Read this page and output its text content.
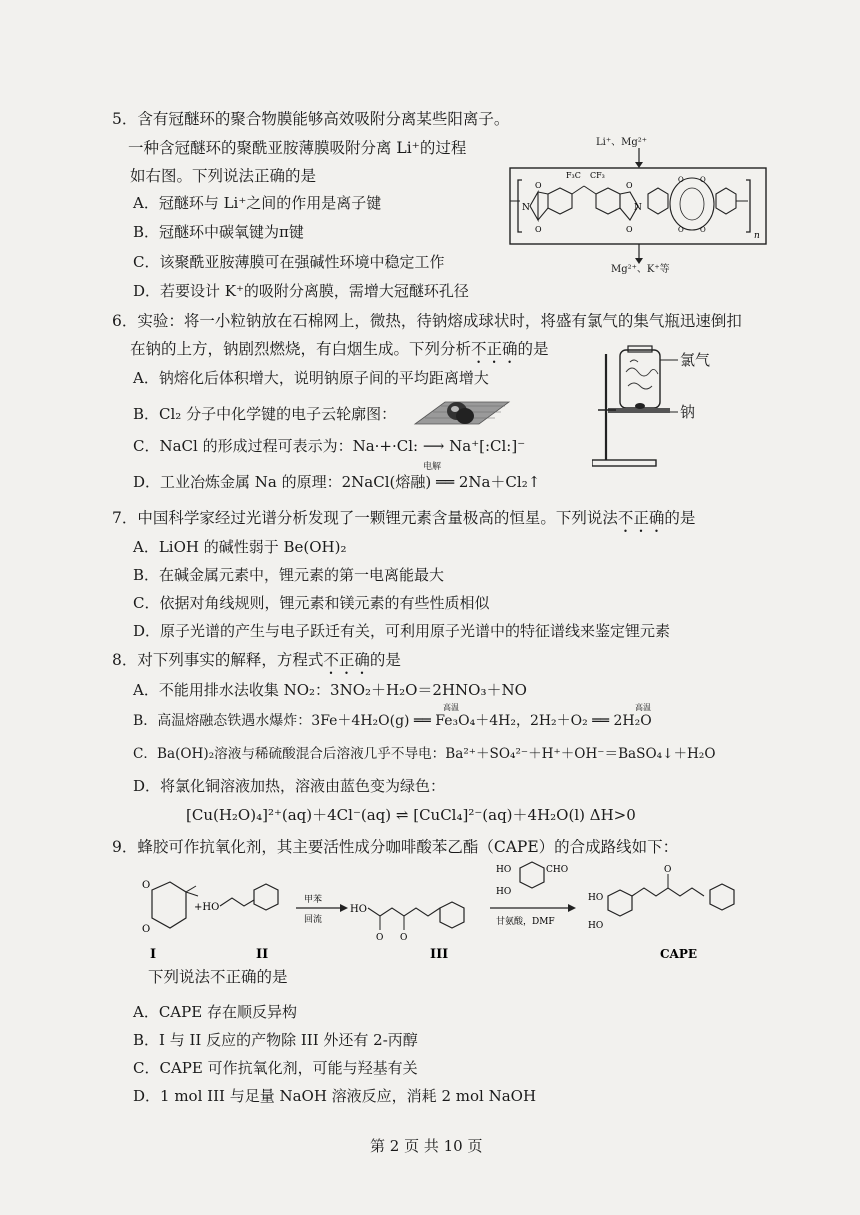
5．含有冠醚环的聚合物膜能够高效吸附分离某些阳离子。
一种含冠醚环的聚酰亚胺薄膜吸附分离 Li⁺的过程
如右图。下列说法正确的是
A．冠醚环与 Li⁺之间的作用是离子键
B．冠醚环中碳氧键为π键
C．该聚酰亚胺薄膜可在强碱性环境中稳定工作
D．若要设计 K⁺的吸附分离膜，需增大冠醚环孔径
Li⁺、Mg²⁺
Mg²⁺、K⁺等
N
O
O
F₃C CF₃
N
O
O
O O
O O
n
6．实验：将一小粒钠放在石棉网上，微热，待钠熔成球状时，将盛有氯气的集气瓶迅速倒扣
在钠的上方，钠剧烈燃烧，有白烟生成。下列分析不正确的是
A．钠熔化后体积增大，说明钠原子间的平均距离增大
B．Cl₂ 分子中化学键的电子云轮廓图：
C．NaCl 的形成过程可表示为：Na·+·Cl: ⟶ Na⁺[:Cl:]⁻
D．工业冶炼金属 Na 的原理：2NaCl(熔融) ══ 2Na＋Cl₂↑
电解
氯气
钠
7．中国科学家经过光谱分析发现了一颗锂元素含量极高的恒星。下列说法不正确的是
A．LiOH 的碱性弱于 Be(OH)₂
B．在碱金属元素中，锂元素的第一电离能最大
C．依据对角线规则，锂元素和镁元素的有些性质相似
D．原子光谱的产生与电子跃迁有关，可利用原子光谱中的特征谱线来鉴定锂元素
8．对下列事实的解释，方程式不正确的是
A．不能用排水法收集 NO₂：3NO₂＋H₂O＝2HNO₃＋NO
B．高温熔融态铁遇水爆炸：3Fe＋4H₂O(g) ══ Fe₃O₄＋4H₂，2H₂＋O₂ ══ 2H₂O
高温	高温
C．Ba(OH)₂溶液与稀硫酸混合后溶液几乎不导电：Ba²⁺＋SO₄²⁻＋H⁺＋OH⁻＝BaSO₄↓＋H₂O
D．将氯化铜溶液加热，溶液由蓝色变为绿色：
[Cu(H₂O)₄]²⁺(aq)＋4Cl⁻(aq) ⇌ [CuCl₄]²⁻(aq)＋4H₂O(l) ΔH>0
9．蜂胶可作抗氧化剂，其主要活性成分咖啡酸苯乙酯（CAPE）的合成路线如下：
O
O
I
+HO
II
甲苯
回流
HO
O O
III
HO
HO
CHO
甘氨酸，DMF
HO
HO
O
CAPE
下列说法不正确的是
A．CAPE 存在顺反异构
B．I 与 II 反应的产物除 III 外还有 2-丙醇
C．CAPE 可作抗氧化剂，可能与羟基有关
D．1 mol III 与足量 NaOH 溶液反应，消耗 2 mol NaOH
第 2 页 共 10 页
